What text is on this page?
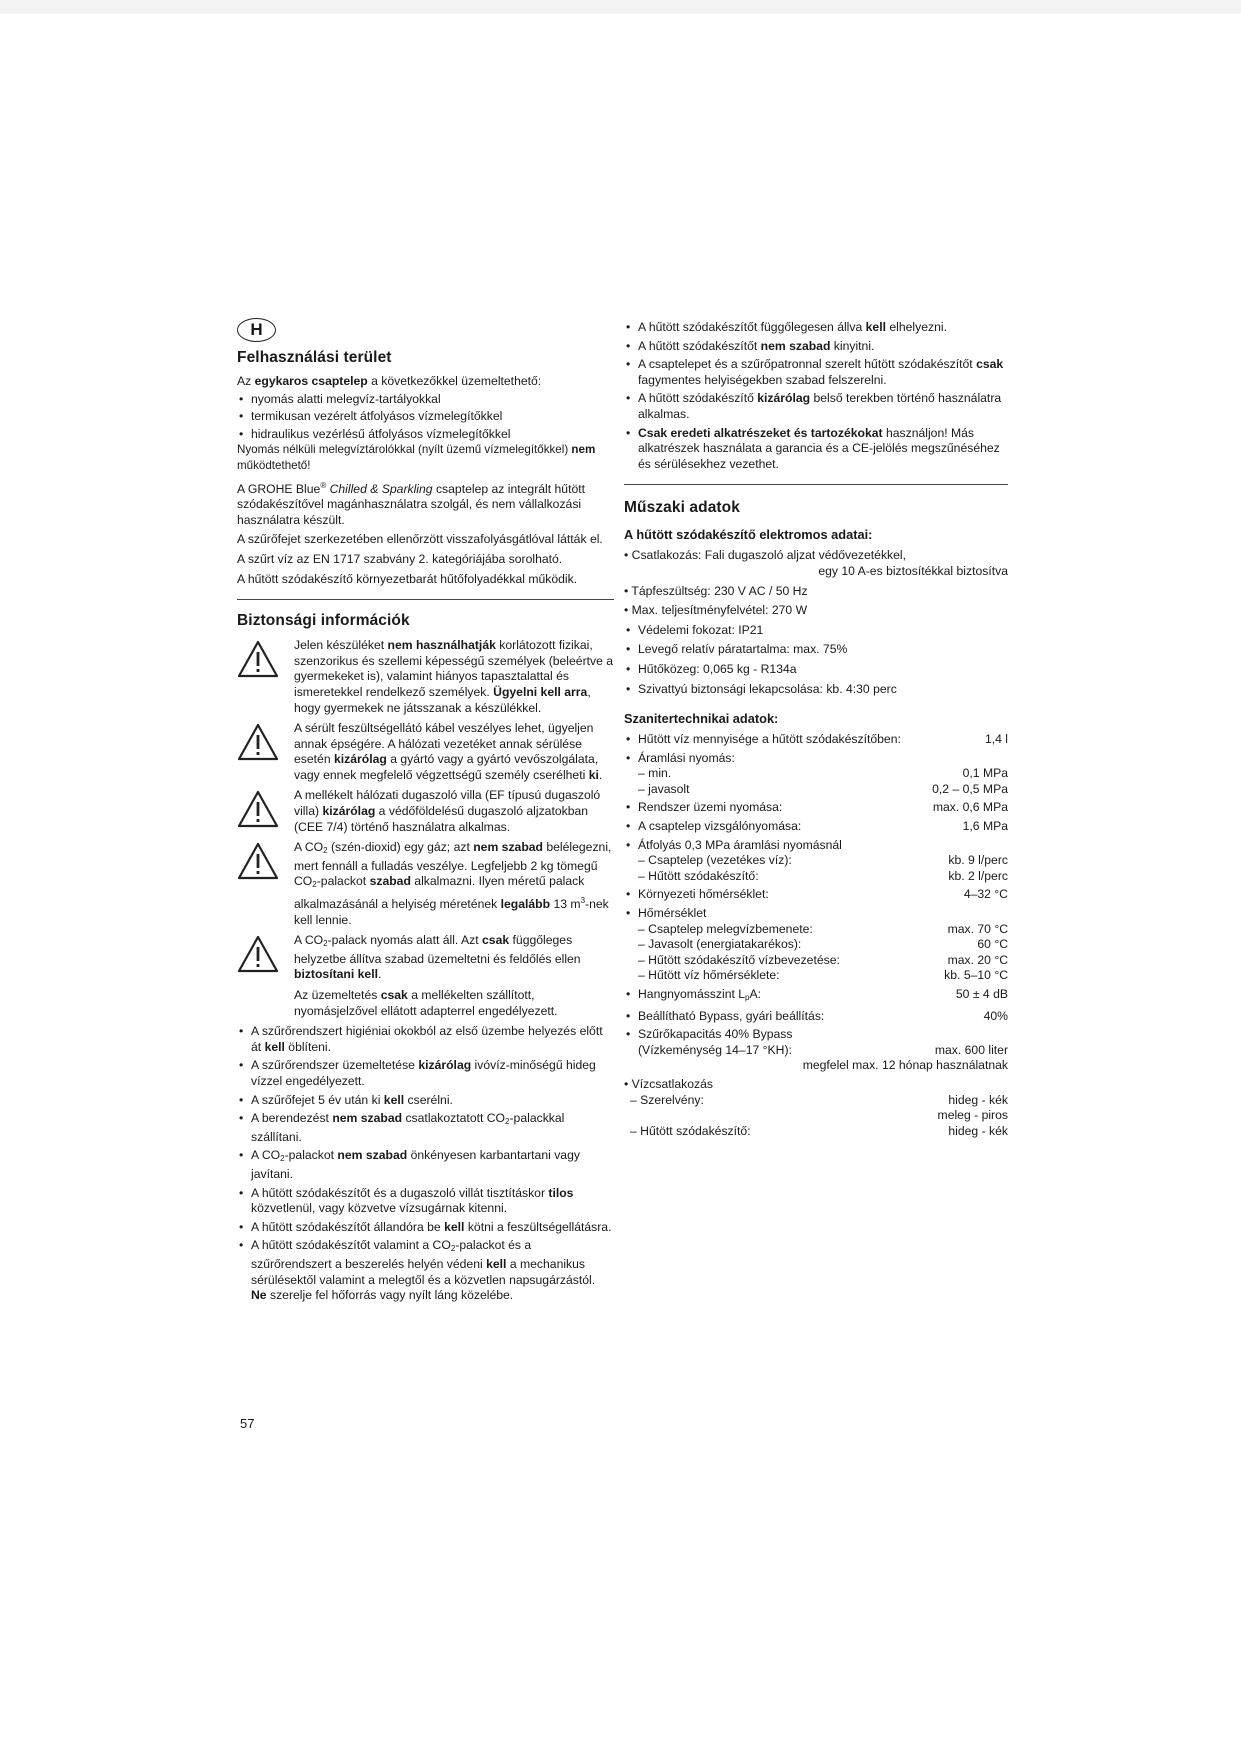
H
Felhasználási terület

Az egykaros csaptelep a következőkkel üzemeltethető:

• nyomás alatti melegvíz-tartályokkal
• termikusan vezérelt átfolyásos vízmelegítőkkel
• hidraulikus vezérlésű átfolyásos vízmelegítőkkel

Nyomás nélküli melegvíztárolókkal (nyílt üzemű vízmelegítőkkel) nem működtethető!

A GROHE Blue® Chilled & Sparkling csaptelep az integrált hűtött szódakészítővel magánhasználatra szolgál, és nem vállalkozási használatra készült.

A szűrőfejet szerkezetében ellenőrzött visszafolyásgátlóval látták el.

A szűrt víz az EN 1717 szabvány 2. kategóriájába sorolható.

A hűtött szódakészítő környezetbarát hűtőfolyadékkal működik.

Biztonsági információk

Jelen készüléket nem használhatják korlátozott fizikai, szenzorikus és szellemi képességű személyek (beleértve a gyermekeket is), valamint hiányos tapasztalattal és ismeretekkel rendelkező személyek. Ügyelni kell arra, hogy gyermekek ne játsszanak a készülékkel.

A sérült feszültségellátó kábel veszélyes lehet, ügyeljen annak épségére. A hálózati vezetéket annak sérülése esetén kizárólag a gyártó vagy a gyártó vevőszolgálata, vagy ennek megfelelő végzettségű személy cserélheti ki.

A mellékelt hálózati dugaszoló villa (EF típusú dugaszoló villa) kizárólag a védőföldelésű dugaszoló aljzatokban (CEE 7/4) történő használatra alkalmas.

A $CO_2$ (szén-dioxid) egy gáz; azt nem szabad belélegezni, mert fennáll a fulladás veszélye. Legfeljebb 2 kg tömegű $CO_2$-palackot szabad alkalmazni. Ilyen méretű palack alkalmazásánál a helyiség méretének legalább 13 $m^3$-nek kell lennie.

A $CO_2$-palack nyomás alatt áll. Azt csak függőleges helyzetbe állítva szabad üzemeltetni és feldőlés ellen biztosítani kell.

Az üzemeltetés csak a mellékelten szállított, nyomásjelzővel ellátott adapterrel engedélyezett.

• A szűrőrendszert higiéniai okokból az első üzembe helyezés előtt át kell öblíteni.
• A szűrőrendszer üzemeltetése kizárólag ivóvíz-minőségű hideg vízzel engedélyezett.
• A szűrőfejet 5 év után ki kell cserélni.
• A berendezést nem szabad csatlakoztatott $CO_2$-palackkal szállítani.
• A $CO_2$-palackot nem szabad önkényesen karbantartani vagy javítani.
• A hűtött szódakészítőt és a dugaszoló villát tisztításkor tilos közvetlenül, vagy közvetve vízsugárnak kitenni.
• A hűtött szódakészítőt állandóra be kell kötni a feszültségellátásra.
• A hűtött szódakészítőt valamint a $CO_2$-palackot és a szűrőrendszert a beszerelés helyén védeni kell a mechanikus sérülésektől valamint a melegtől és a közvetlen napsugárzástól.
Ne szerelje fel hőforrás vagy nyílt láng közelébe.
• A hűtött szódakészítőt függőlegesen állva kell elhelyezni.
• A hűtött szódakészítőt nem szabad kinyitni.
• A csaptelepet és a szűrőpatronnal szerelt hűtött szódakészítőt csak fagymentes helyiségekben szabad felszerelni.
• A hűtött szódakészítő kizárólag belső terekben történő használatra alkalmas.
• Csak eredeti alkatrészeket és tartozékokat használjon! Más alkatrészek használata a garancia és a CE-jelölés megszűnéséhez és sérülésekhez vezethet.
Műszaki adatok
A hűtött szódakészítő elektromos adatai:

• Csatlakozás: Fali dugaszoló aljzat védővezetékkel,

egy 10 A-es biztosítékkal biztosítva

• Tápfeszültség: 230 V AC / 50 Hz

• Max. teljesítményfelvétel: 270 W

• Védelemi fokozat: IP21
• Levegő relatív páratartalma: max. 75%
• Hűtőközeg: 0,065 kg - R134a
• Szivattyú biztonsági lekapcsolása: kb. 4:30 perc
Szanitertechnikai adatok:
• Hűtött víz mennyisége a hűtött szódakészítőben:	1,4 l
• Áramlási nyomás:
– min.	0,1 MPa
– javasolt	0,2 – 0,5 MPa
• Rendszer üzemi nyomása:	max. 0,6 MPa
• A csaptelep vizsgálónyomása:	1,6 MPa
• Átfolyás 0,3 MPa áramlási nyomásnál
– Csaptelep (vezetékes víz):	kb. 9 l/perc
– Hűtött szódakészítő:	kb. 2 l/perc
• Környezeti hőmérséklet:	4–32 °C
• Hőmérséklet
– Csaptelep melegvízbemenete:	max. 70 °C
– Javasolt (energiatakarékos):	60 °C
– Hűtött szódakészítő vízbevezetése:	max. 20 °C
– Hűtött víz hőmérséklete:	kb. 5–10 °C
• Hangnyomásszint $L_pA$:	50 ± 4 dB
• Beállítható Bypass, gyári beállítás:	40%
• Szűrőkapacitás 40% Bypass
(Vízkeménység 14–17 °KH):	max. 600 liter
megfelel max. 12 hónap használatnak
• Vízcsatlakozás
– Szerelvény:	hideg - kék
meleg - piros
– Hűtött szódakészítő:	hideg - kék
57
